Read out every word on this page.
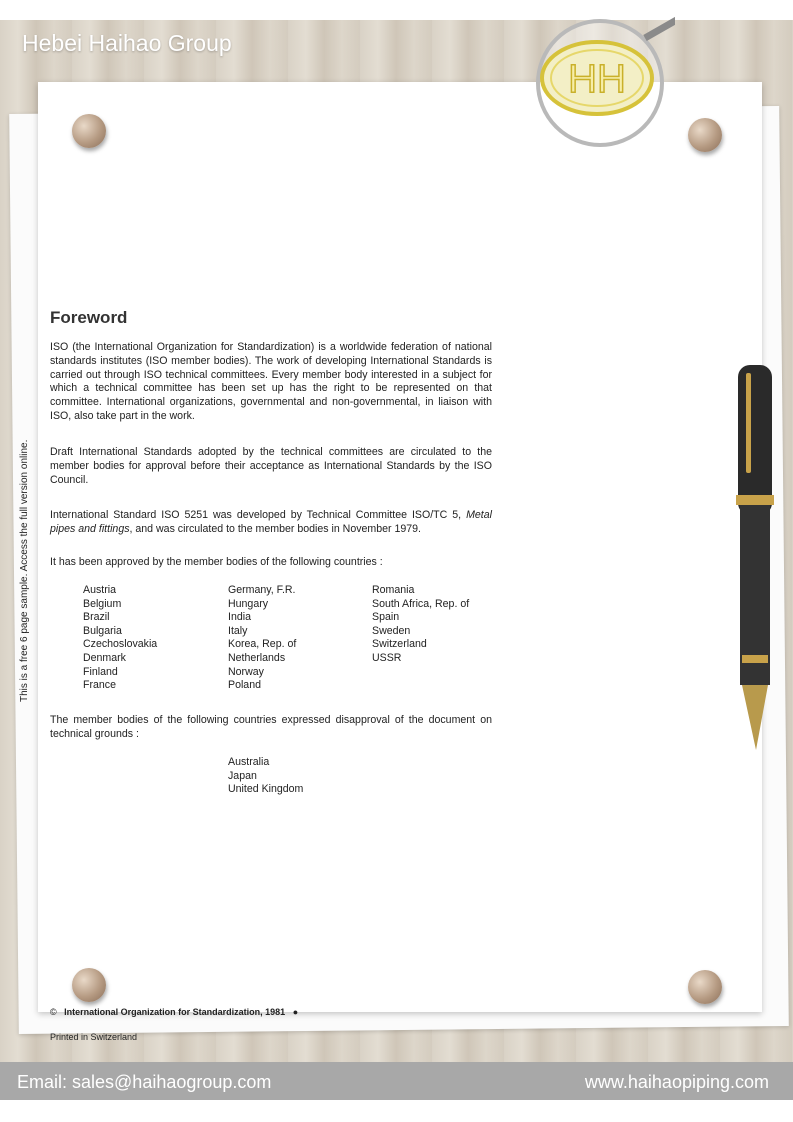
Hebei Haihao Group
HH
This is a free 6 page sample. Access the full version online.
Foreword

ISO (the International Organization for Standardization) is a worldwide federation of national standards institutes (ISO member bodies). The work of developing International Standards is carried out through ISO technical committees. Every member body interested in a subject for which a technical committee has been set up has the right to be represented on that committee. International organizations, governmental and non-governmental, in liaison with ISO, also take part in the work.

Draft International Standards adopted by the technical committees are circulated to the member bodies for approval before their acceptance as International Standards by the ISO Council.

International Standard ISO 5251 was developed by Technical Committee ISO/TC 5, Metal pipes and fittings, and was circulated to the member bodies in November 1979.

It has been approved by the member bodies of the following countries :

Austria
Belgium
Brazil
Bulgaria
Czechoslovakia
Denmark
Finland
France
Germany, F.R.
Hungary
India
Italy
Korea, Rep. of
Netherlands
Norway
Poland
Romania
South Africa, Rep. of
Spain
Sweden
Switzerland
USSR

The member bodies of the following countries expressed disapproval of the document on technical grounds :

Australia
Japan
United Kingdom
© International Organization for Standardization, 1981 ●
Printed in Switzerland
Email: sales@haihaogroup.com	www.haihaopiping.com
